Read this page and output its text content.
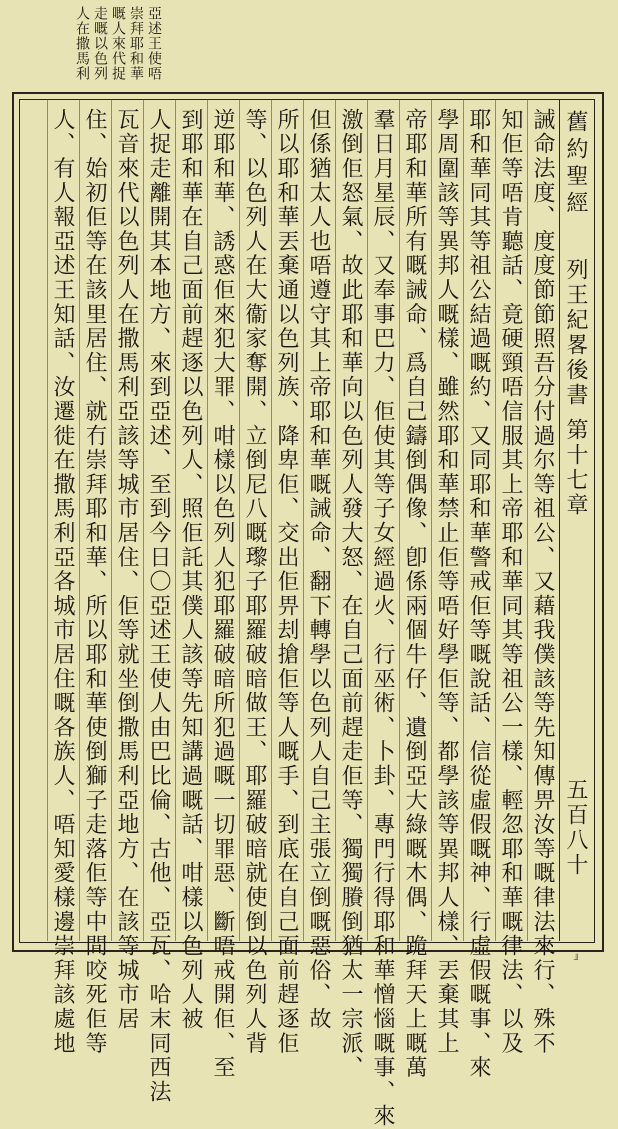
舊約聖經
列王紀畧後書
第十七章
五百八十
亞述王使唔
崇拜耶和華
嘅人來代捉
走嘅以色列
人在撒馬利
誡命法度、度度節節照吾分付過尔等祖公、又藉我僕該等先知傳畀汝等嘅律法來行、殊不
知佢等唔肯聽話、竟硬頸唔信服其上帝耶和華同其等祖公一樣、輕忽耶和華嘅律法、以及
耶和華同其等祖公結過嘅約、又同耶和華警戒佢等嘅說話、信從虛假嘅神、行虛假嘅事、來
學周圍該等異邦人嘅樣、雖然耶和華禁止佢等唔好學佢等、都學該等異邦人樣、丟棄其上
帝耶和華所有嘅誡命、爲自己鑄倒偶像、卽係兩個牛仔、遺倒亞大綠嘅木偶、跪拜天上嘅萬
羣日月星辰、又奉事巴力、佢使其等子女經過火、行巫術、卜卦、專門行得耶和華憎惱嘅事、來
激倒佢怒氣、故此耶和華向以色列人發大怒、在自己面前趕走佢等、獨獨賸倒猶太一宗派、
但係猶太人也唔遵守其上帝耶和華嘅誡命、翻下轉學以色列人自己主張立倒嘅惡俗、故
所以耶和華丟棄通以色列族、降卑佢、交出佢畀刦搶佢等人嘅手、到底在自己面前趕逐佢
等、以色列人在大衞家奪開、立倒尼八嘅瓈子耶羅破暗做王、耶羅破暗就使倒以色列人背
逆耶和華、誘惑佢來犯大罪、咁樣以色列人犯耶羅破暗所犯過嘅一切罪惡、斷唔戒開佢、至
到耶和華在自己面前趕逐以色列人、照佢託其僕人該等先知講過嘅話、咁樣以色列人被
人捉走離開其本地方、來到亞述、至到今日〇亞述王使人由巴比倫、古他、亞瓦、哈末同西法
瓦音來代以色列人在撒馬利亞該等城市居住、佢等就坐倒撒馬利亞地方、在該等城市居
住、始初佢等在該里居住、就冇崇拜耶和華、所以耶和華使倒獅子走落佢等中間咬死佢等
人、有人報亞述王知話、汝遷徙在撒馬利亞各城市居住嘅各族人、唔知愛樣邊崇拜該處地	╜
